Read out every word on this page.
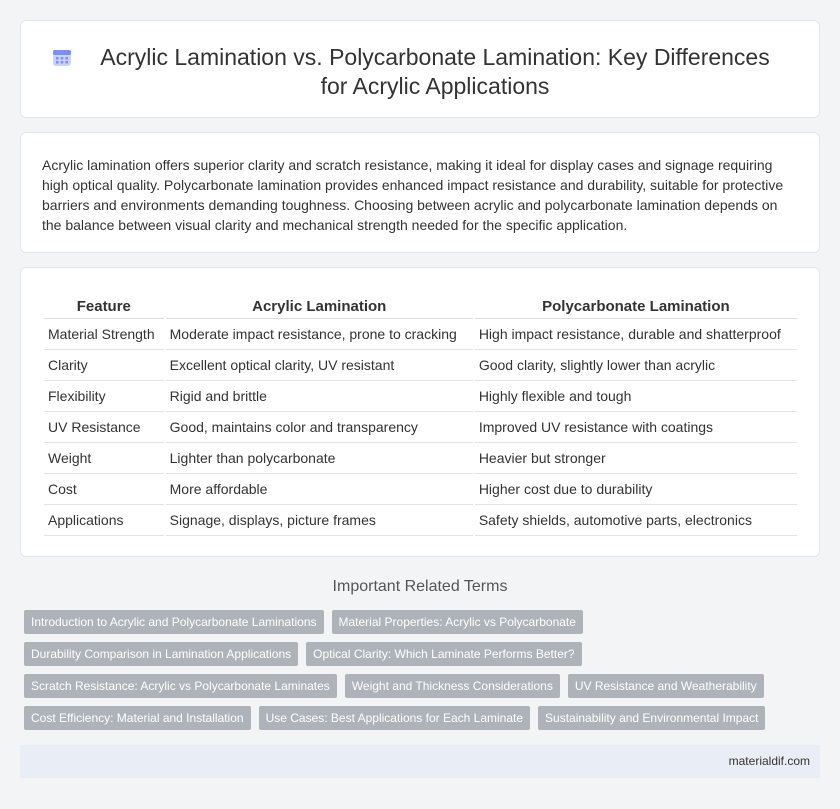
Acrylic Lamination vs. Polycarbonate Lamination: Key Differences for Acrylic Applications

Acrylic lamination offers superior clarity and scratch resistance, making it ideal for display cases and signage requiring high optical quality. Polycarbonate lamination provides enhanced impact resistance and durability, suitable for protective barriers and environments demanding toughness. Choosing between acrylic and polycarbonate lamination depends on the balance between visual clarity and mechanical strength needed for the specific application.

Feature	Acrylic Lamination	Polycarbonate Lamination
Material Strength	Moderate impact resistance, prone to cracking	High impact resistance, durable and shatterproof
Clarity	Excellent optical clarity, UV resistant	Good clarity, slightly lower than acrylic
Flexibility	Rigid and brittle	Highly flexible and tough
UV Resistance	Good, maintains color and transparency	Improved UV resistance with coatings
Weight	Lighter than polycarbonate	Heavier but stronger
Cost	More affordable	Higher cost due to durability
Applications	Signage, displays, picture frames	Safety shields, automotive parts, electronics
Important Related Terms
Introduction to Acrylic and Polycarbonate Laminations	Material Properties: Acrylic vs Polycarbonate
Durability Comparison in Lamination Applications	Optical Clarity: Which Laminate Performs Better?
Scratch Resistance: Acrylic vs Polycarbonate Laminates	Weight and Thickness Considerations	UV Resistance and Weatherability
Cost Efficiency: Material and Installation	Use Cases: Best Applications for Each Laminate	Sustainability and Environmental Impact
materialdif.com
